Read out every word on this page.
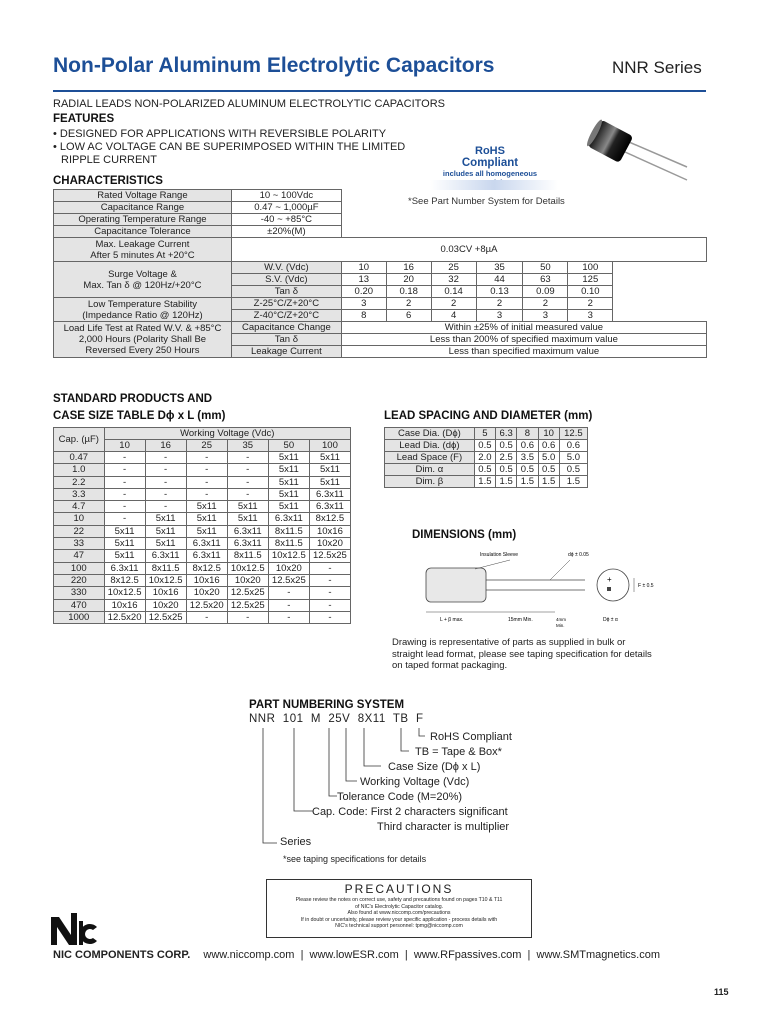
Non-Polar Aluminum Electrolytic Capacitors	NNR Series
RADIAL LEADS NON-POLARIZED ALUMINUM ELECTROLYTIC CAPACITORS
FEATURES
• DESIGNED FOR APPLICATIONS WITH REVERSIBLE POLARITY
• LOW AC VOLTAGE CAN BE SUPERIMPOSED WITHIN THE LIMITED
RIPPLE CURRENT
RoHS
Compliant
includes all homogeneous
*See Part Number System for Details
CHARACTERISTICS
Rated Voltage Range	10 ~ 100Vdc							
Capacitance Range	0.47 ~ 1,000µF							
Operating Temperature Range	-40 ~ +85°C							
Capacitance Tolerance	±20%(M)							

Max. Leakage Current
After 5 minutes At +20°C	0.03CV +8µA							

Surge Voltage &
Max. Tan δ @ 120Hz/+20°C	W.V. (Vdc)	10	16	25	35	50	100	
	S.V. (Vdc)	13	20	32	44	63	125	
	Tan δ	0.20	0.18	0.14	0.13	0.09	0.10	

Low Temperature Stability
(Impedance Ratio @ 120Hz)	Z-25°C/Z+20°C	3	2	2	2	2	2	
	Z-40°C/Z+20°C	8	6	4	3	3	3	

Load Life Test at Rated W.V. & +85°C
2,000 Hours (Polarity Shall Be
Reversed Every 250 Hours	Capacitance Change	Within ±25% of initial measured value						
	Tan δ	Less than 200% of specified maximum value						
	Leakage Current	Less than specified maximum value						
STANDARD PRODUCTS AND
CASE SIZE TABLE Dϕ x L (mm)
Cap. (µF)	Working Voltage (Vdc)					
	10	16	25	35	50	100
0.47	-	-	-	-	5x11	5x11
1.0	-	-	-	-	5x11	5x11
2.2	-	-	-	-	5x11	5x11
3.3	-	-	-	-	5x11	6.3x11
4.7	-	-	5x11	5x11	5x11	6.3x11
10	-	5x11	5x11	5x11	6.3x11	8x12.5
22	5x11	5x11	5x11	6.3x11	8x11.5	10x16
33	5x11	5x11	6.3x11	6.3x11	8x11.5	10x20
47	5x11	6.3x11	6.3x11	8x11.5	10x12.5	12.5x25
100	6.3x11	8x11.5	8x12.5	10x12.5	10x20	-
220	8x12.5	10x12.5	10x16	10x20	12.5x25	-
330	10x12.5	10x16	10x20	12.5x25	-	-
470	10x16	10x20	12.5x20	12.5x25	-	-
1000	12.5x20	12.5x25	-	-	-	-
LEAD SPACING AND DIAMETER (mm)
Case Dia. (Dϕ)	5	6.3	8	10	12.5
Lead Dia. (dϕ)	0.5	0.5	0.6	0.6	0.6
Lead Space (F)	2.0	2.5	3.5	5.0	5.0
Dim. α	0.5	0.5	0.5	0.5	0.5
Dim. β	1.5	1.5	1.5	1.5	1.5
DIMENSIONS (mm)
Insulation Sleeve	dϕ ± 0.05
L + β max.	15mm Min.	4mm
Min.
+
F ± 0.5
Dϕ ± α
Drawing is representative of parts as supplied in bulk or
straight lead format, please see taping specification for details
on taped format packaging.
PART NUMBERING SYSTEM
NNR  101  M  25V  8X11  TB  F
RoHS Compliant
TB = Tape & Box*
Case Size (Dϕ x L)
Working Voltage (Vdc)
Tolerance Code (M=20%)
Cap. Code: First 2 characters significant
Third character is multiplier
Series
*see taping specifications for details
PRECAUTIONS
Please review the notes on correct use, safety and precautions found on pages T10 & T11
of NIC's Electrolytic Capacitor catalog.
Also found at www.niccomp.com/precautions
If in doubt or uncertainty, please review your specific application - process details with
NIC's technical support personnel: tpmg@niccomp.com
NIC COMPONENTS CORP. www.niccomp.com  |  www.lowESR.com  |  www.RFpassives.com  |  www.SMTmagnetics.com
115
